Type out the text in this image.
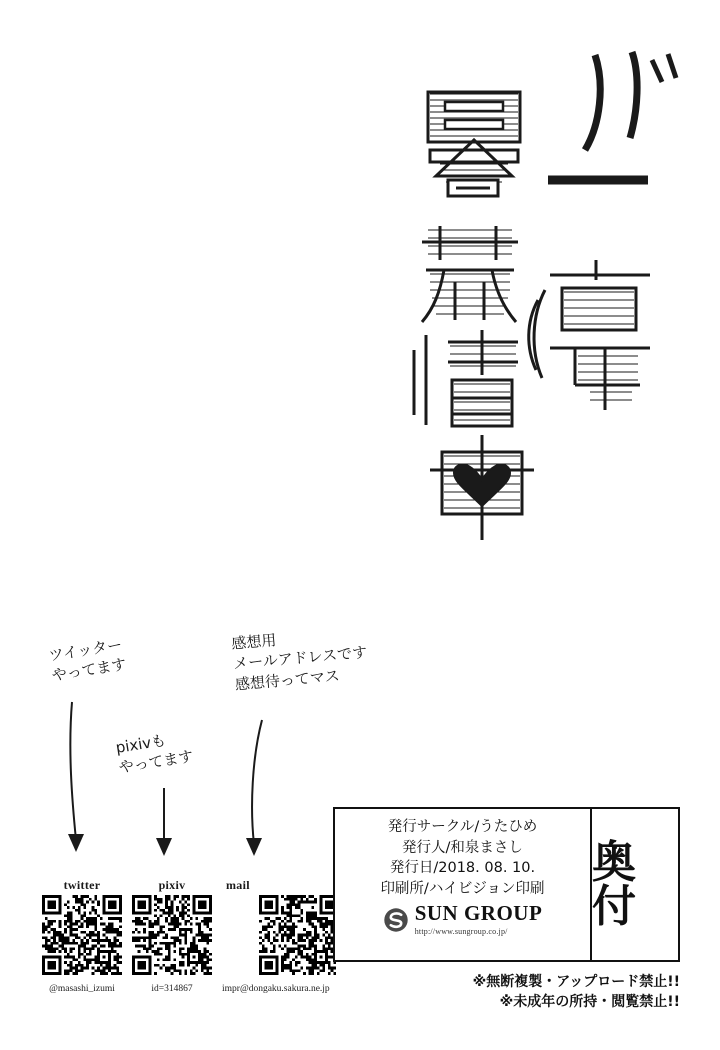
ツイッター
やってます
pixivも
やってます
感想用
メールアドレスです
感想待ってマス
twitter
@masashi_izumi
pixiv
id=314867
mail
impr@dongaku.sakura.ne.jp
発行サークル/うたひめ
発行人/和泉まさし
発行日/2018. 08. 10.
印刷所/ハイビジョン印刷
SUN GROUP
http://www.sungroup.co.jp/
奥付
※無断複製・アップロード禁止!!
※未成年の所持・閲覧禁止!!
